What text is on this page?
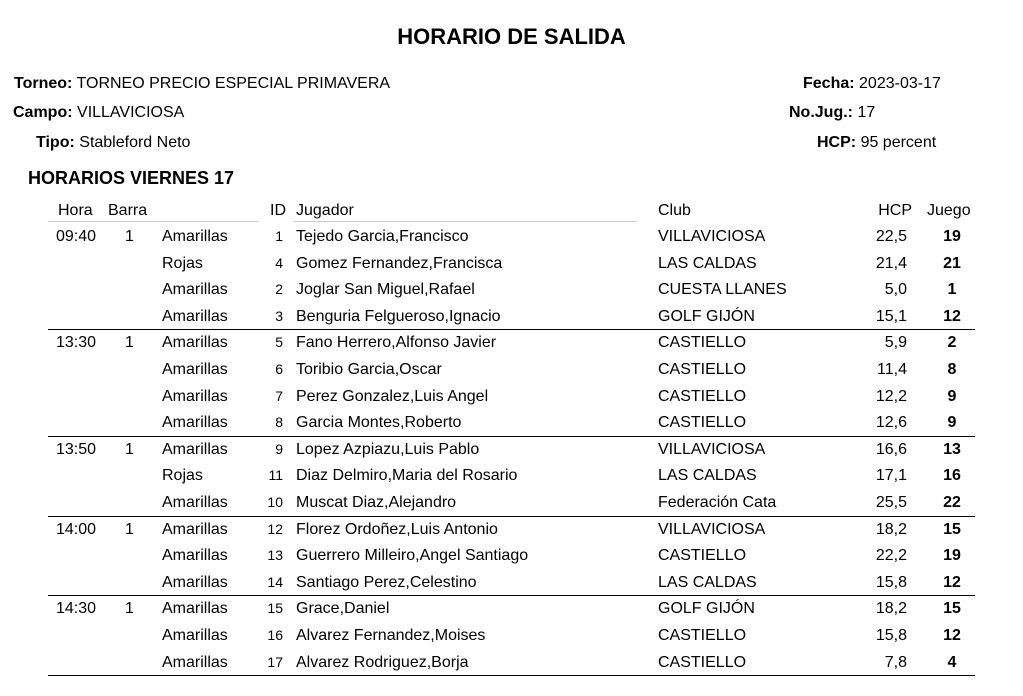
HORARIO DE SALIDA
Torneo: TORNEO PRECIO ESPECIAL PRIMAVERA
Campo: VILLAVICIOSA
Tipo: Stableford Neto
Fecha: 2023-03-17
No.Jug.: 17
HCP: 95 percent
HORARIOS VIERNES 17
Hora Barra	ID Jugador	Club	HCP Juego
09:40 1 Amarillas	1 Tejedo Garcia,Francisco	VILLAVICIOSA	22,5	19
Rojas	4 Gomez Fernandez,Francisca	LAS CALDAS	21,4	21
Amarillas	2 Joglar San Miguel,Rafael	CUESTA LLANES	5,0	1
Amarillas	3 Benguria Felgueroso,Ignacio	GOLF GIJÓN	15,1	12
13:30 1 Amarillas	5 Fano Herrero,Alfonso Javier	CASTIELLO	5,9	2
Amarillas	6 Toribio Garcia,Oscar	CASTIELLO	11,4	8
Amarillas	7 Perez Gonzalez,Luis Angel	CASTIELLO	12,2	9
Amarillas	8 Garcia Montes,Roberto	CASTIELLO	12,6	9
13:50 1 Amarillas	9 Lopez Azpiazu,Luis Pablo	VILLAVICIOSA	16,6	13
Rojas	11 Diaz Delmiro,Maria del Rosario	LAS CALDAS	17,1	16
Amarillas	10 Muscat Diaz,Alejandro	Federación Cata	25,5	22
14:00 1 Amarillas	12 Florez Ordoñez,Luis Antonio	VILLAVICIOSA	18,2	15
Amarillas	13 Guerrero Milleiro,Angel Santiago	CASTIELLO	22,2	19
Amarillas	14 Santiago Perez,Celestino	LAS CALDAS	15,8	12
14:30 1 Amarillas	15 Grace,Daniel	GOLF GIJÓN	18,2	15
Amarillas	16 Alvarez Fernandez,Moises	CASTIELLO	15,8	12
Amarillas	17 Alvarez Rodriguez,Borja	CASTIELLO	7,8	4
